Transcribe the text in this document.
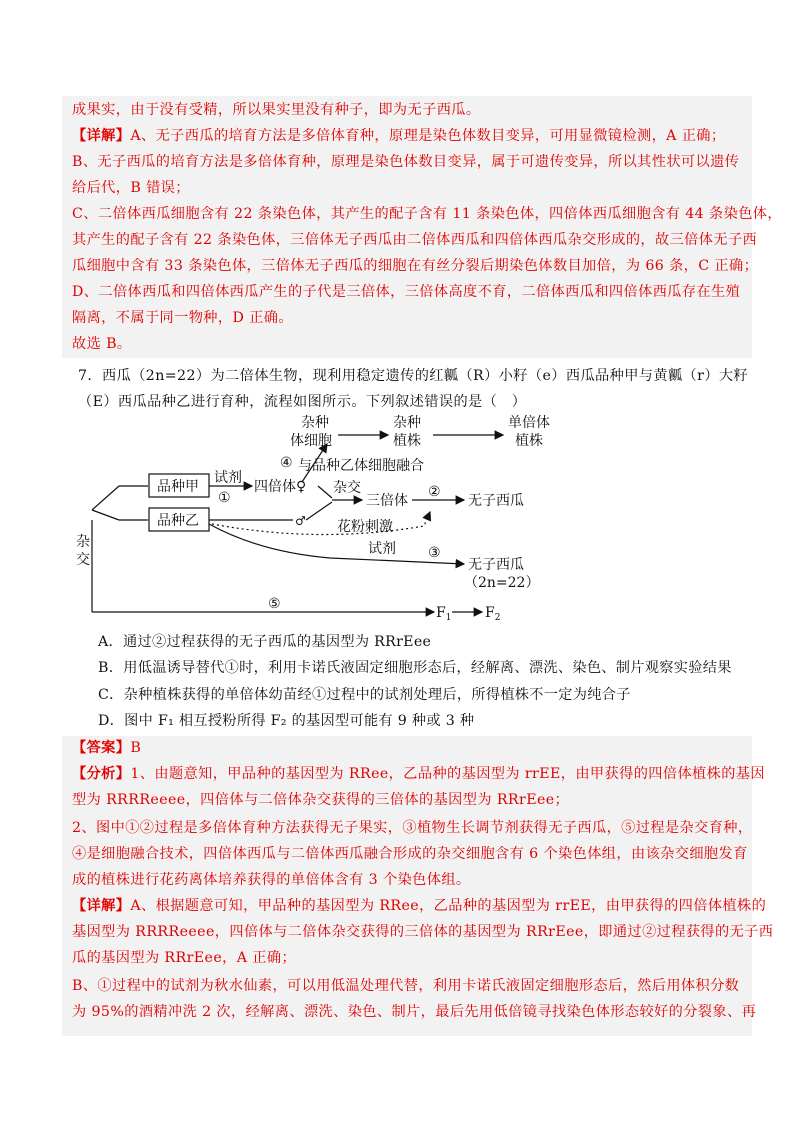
成果实，由于没有受精，所以果实里没有种子，即为无子西瓜。
【详解】A、无子西瓜的培育方法是多倍体育种，原理是染色体数目变异，可用显微镜检测，A 正确；
B、无子西瓜的培育方法是多倍体育种，原理是染色体数目变异，属于可遗传变异，所以其性状可以遗传
给后代，B 错误；
C、二倍体西瓜细胞含有 22 条染色体，其产生的配子含有 11 条染色体，四倍体西瓜细胞含有 44 条染色体，
其产生的配子含有 22 条染色体，三倍体无子西瓜由二倍体西瓜和四倍体西瓜杂交形成的，故三倍体无子西
瓜细胞中含有 33 条染色体，三倍体无子西瓜的细胞在有丝分裂后期染色体数目加倍，为 66 条，C 正确；
D、二倍体西瓜和四倍体西瓜产生的子代是三倍体，三倍体高度不育，二倍体西瓜和四倍体西瓜存在生殖
隔离，不属于同一物种，D 正确。
故选 B。
7．西瓜（2n=22）为二倍体生物，现利用稳定遗传的红瓤（R）小籽（e）西瓜品种甲与黄瓤（r）大籽
（E）西瓜品种乙进行育种，流程如图所示。下列叙述错误的是（　）
杂种
体细胞
杂种
植株
单倍体
植株
④ 与品种乙体细胞融合
品种甲
品种乙
试剂
①
四倍体♀
♂
杂交
三倍体
②
无子西瓜
花粉刺激
试剂 ③
无子西瓜
（2n=22）
杂
交
⑤
$F_1$ $F_2$
A．通过②过程获得的无子西瓜的基因型为 RRrEee
B．用低温诱导替代①时，利用卡诺氏液固定细胞形态后，经解离、漂洗、染色、制片观察实验结果
C．杂种植株获得的单倍体幼苗经①过程中的试剂处理后，所得植株不一定为纯合子
D．图中 F₁ 相互授粉所得 F₂ 的基因型可能有 9 种或 3 种
【答案】B
【分析】1、由题意知，甲品种的基因型为 RRee，乙品种的基因型为 rrEE，由甲获得的四倍体植株的基因
型为 RRRReeee，四倍体与二倍体杂交获得的三倍体的基因型为 RRrEee；
2、图中①②过程是多倍体育种方法获得无子果实，③植物生长调节剂获得无子西瓜，⑤过程是杂交育种，
④是细胞融合技术，四倍体西瓜与二倍体西瓜融合形成的杂交细胞含有 6 个染色体组，由该杂交细胞发育
成的植株进行花药离体培养获得的单倍体含有 3 个染色体组。
【详解】A、根据题意可知，甲品种的基因型为 RRee，乙品种的基因型为 rrEE，由甲获得的四倍体植株的
基因型为 RRRReeee，四倍体与二倍体杂交获得的三倍体的基因型为 RRrEee，即通过②过程获得的无子西
瓜的基因型为 RRrEee，A 正确；
B、①过程中的试剂为秋水仙素，可以用低温处理代替，利用卡诺氏液固定细胞形态后，然后用体积分数
为 95%的酒精冲洗 2 次，经解离、漂洗、染色、制片，最后先用低倍镜寻找染色体形态较好的分裂象、再
